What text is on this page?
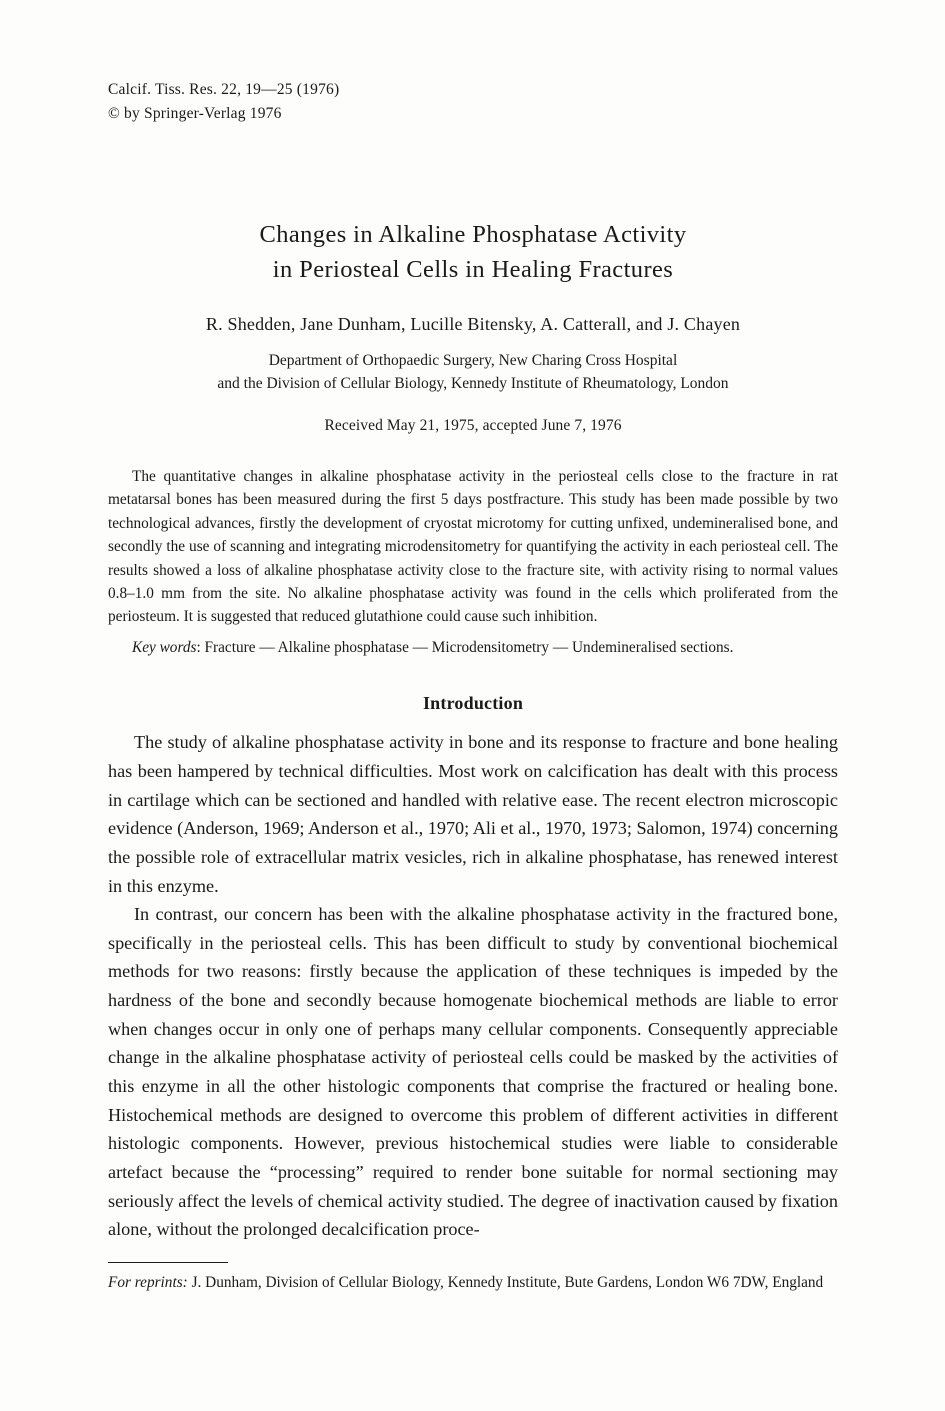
Calcif. Tiss. Res. 22, 19—25 (1976)
© by Springer-Verlag 1976
Changes in Alkaline Phosphatase Activity
in Periosteal Cells in Healing Fractures
R. Shedden, Jane Dunham, Lucille Bitensky, A. Catterall, and J. Chayen
Department of Orthopaedic Surgery, New Charing Cross Hospital
and the Division of Cellular Biology, Kennedy Institute of Rheumatology, London
Received May 21, 1975, accepted June 7, 1976

The quantitative changes in alkaline phosphatase activity in the periosteal cells close to the fracture in rat metatarsal bones has been measured during the first 5 days postfracture. This study has been made possible by two technological advances, firstly the development of cryostat microtomy for cutting unfixed, undemineralised bone, and secondly the use of scanning and integrating microdensitometry for quantifying the activity in each periosteal cell. The results showed a loss of alkaline phosphatase activity close to the fracture site, with activity rising to normal values 0.8–1.0 mm from the site. No alkaline phosphatase activity was found in the cells which proliferated from the periosteum. It is suggested that reduced glutathione could cause such inhibition.

Key words: Fracture — Alkaline phosphatase — Microdensitometry — Undemineralised sections.

Introduction

The study of alkaline phosphatase activity in bone and its response to fracture and bone healing has been hampered by technical difficulties. Most work on calcification has dealt with this process in cartilage which can be sectioned and handled with relative ease. The recent electron microscopic evidence (Anderson, 1969; Anderson et al., 1970; Ali et al., 1970, 1973; Salomon, 1974) concerning the possible role of extracellular matrix vesicles, rich in alkaline phosphatase, has renewed interest in this enzyme.

In contrast, our concern has been with the alkaline phosphatase activity in the fractured bone, specifically in the periosteal cells. This has been difficult to study by conventional biochemical methods for two reasons: firstly because the application of these techniques is impeded by the hardness of the bone and secondly because homogenate biochemical methods are liable to error when changes occur in only one of perhaps many cellular components. Consequently appreciable change in the alkaline phosphatase activity of periosteal cells could be masked by the activities of this enzyme in all the other histologic components that comprise the fractured or healing bone. Histochemical methods are designed to overcome this problem of different activities in different histologic components. However, previous histochemical studies were liable to considerable artefact because the “processing” required to render bone suitable for normal sectioning may seriously affect the levels of chemical activity studied. The degree of inactivation caused by fixation alone, without the prolonged decalcification proce-

For reprints: J. Dunham, Division of Cellular Biology, Kennedy Institute, Bute Gardens, London W6 7DW, England
